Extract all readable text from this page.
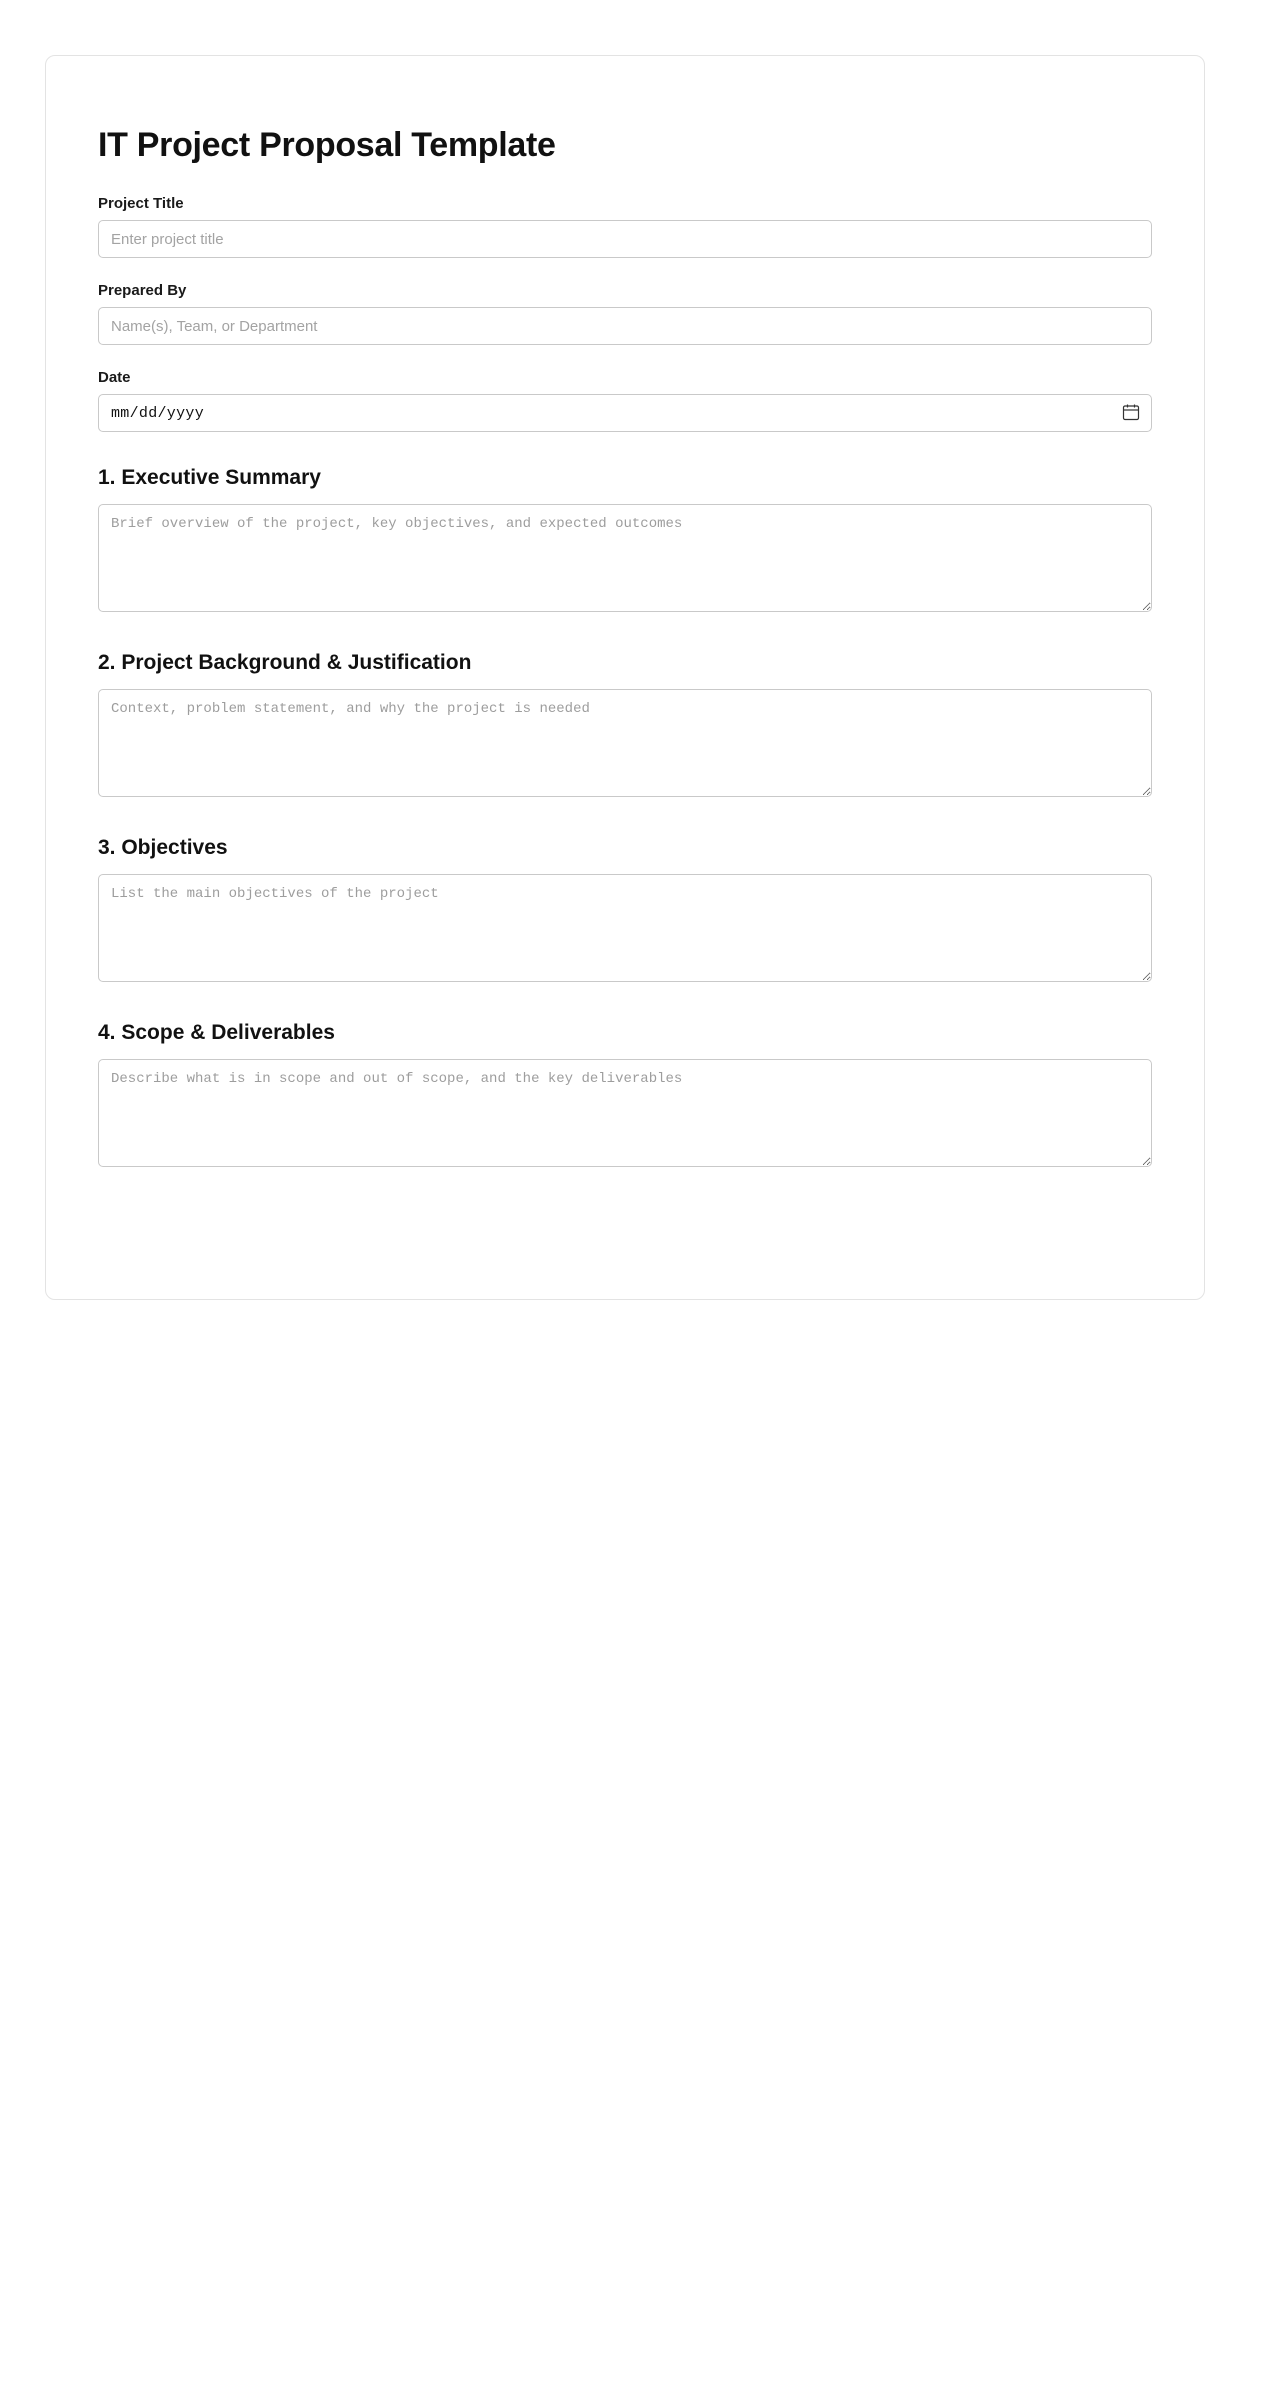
IT Project Proposal Template
Project Title
Enter project title
Prepared By
Name(s), Team, or Department
Date
mm/dd/yyyy
1. Executive Summary
Brief overview of the project, key objectives, and expected outcomes
2. Project Background & Justification
Context, problem statement, and why the project is needed
3. Objectives
List the main objectives of the project
4. Scope & Deliverables
Describe what is in scope and out of scope, and the key deliverables
